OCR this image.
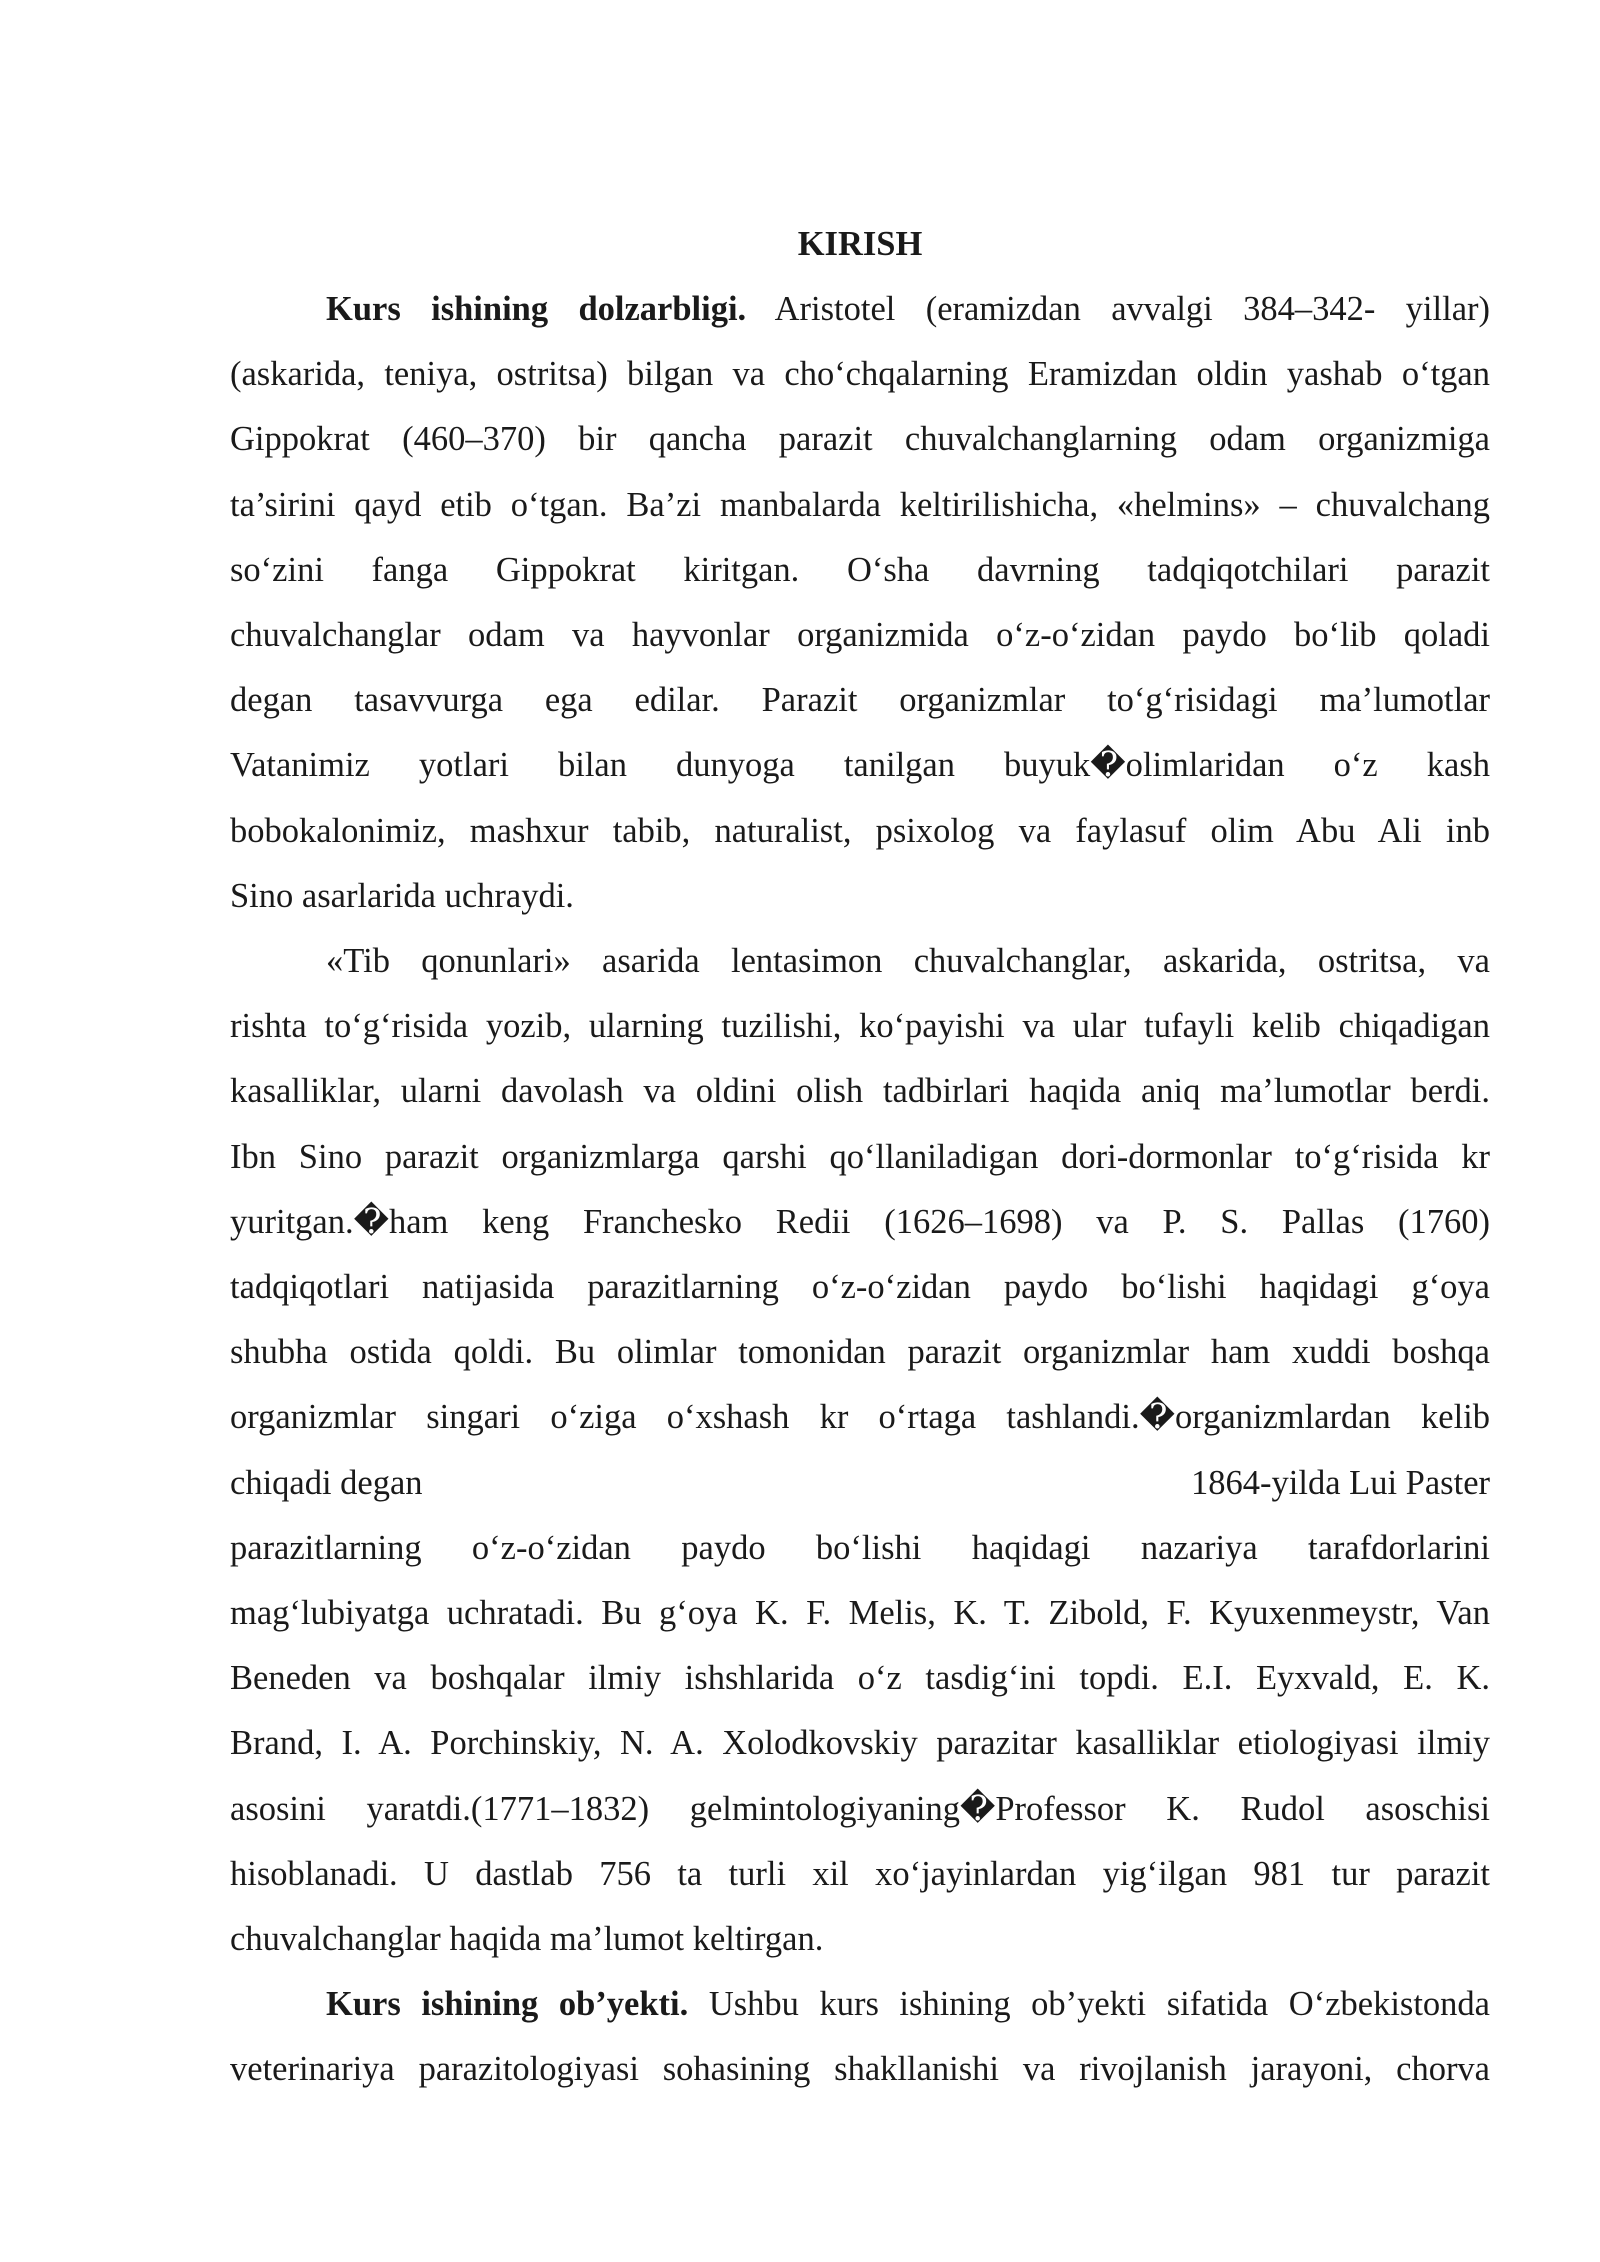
KIRISH
Kurs ishining dolzarbligi. Aristotel (eramizdan avvalgi 384–342- yillar)
(askarida, teniya, ostritsa) bilgan va cho‘chqalarning Eramizdan oldin yashab o‘tgan
Gippokrat (460–370) bir qancha parazit chuvalchanglarning odam organizmiga
ta’sirini qayd etib o‘tgan. Ba’zi manbalarda keltirilishicha, «helmins» – chuvalchang
so‘zini fanga Gippokrat kiritgan. O‘sha davrning tadqiqotchilari parazit
chuvalchanglar odam va hayvonlar organizmida o‘z-o‘zidan paydo bo‘lib qoladi
degan tasavvurga ega edilar. Parazit organizmlar to‘g‘risidagi ma’lumotlar
Vatanimiz yotlari bilan dunyoga tanilgan buyuk�olimlaridan o‘z kash
bobokalonimiz, mashxur tabib, naturalist, psixolog va faylasuf olim Abu Ali inb
Sino asarlarida uchraydi.
«Tib qonunlari» asarida lentasimon chuvalchanglar, askarida, ostritsa, va
rishta to‘g‘risida yozib, ularning tuzilishi, ko‘payishi va ular tufayli kelib chiqadigan
kasalliklar, ularni davolash va oldini olish tadbirlari haqida aniq ma’lumotlar berdi.
Ibn Sino parazit organizmlarga qarshi qo‘llaniladigan dori-dormonlar to‘g‘risida kr
yuritgan.�ham keng Franchesko Redii (1626–1698) va P. S. Pallas (1760)
tadqiqotlari natijasida parazitlarning o‘z-o‘zidan paydo bo‘lishi haqidagi g‘oya
shubha ostida qoldi. Bu olimlar tomonidan parazit organizmlar ham xuddi boshqa
organizmlar singari o‘ziga o‘xshash kr o‘rtaga tashlandi.�organizmlardan kelib
chiqadi degan	1864-yilda Lui Paster
parazitlarning o‘z-o‘zidan paydo bo‘lishi haqidagi nazariya tarafdorlarini
mag‘lubiyatga uchratadi. Bu g‘oya K. F. Melis, K. T. Zibold, F. Kyuxenmeystr, Van
Beneden va boshqalar ilmiy ishshlarida o‘z tasdig‘ini topdi. E.I. Eyxvald, E. K.
Brand, I. A. Porchinskiy, N. A. Xolodkovskiy parazitar kasalliklar etiologiyasi ilmiy
asosini yaratdi.(1771–1832) gelmintologiyaning�Professor K. Rudol asoschisi
hisoblanadi. U dastlab 756 ta turli xil xo‘jayinlardan yig‘ilgan 981 tur parazit
chuvalchanglar haqida ma’lumot keltirgan.
Kurs ishining ob’yekti. Ushbu kurs ishining ob’yekti sifatida O‘zbekistonda
veterinariya parazitologiyasi sohasining shakllanishi va rivojlanish jarayoni, chorva
